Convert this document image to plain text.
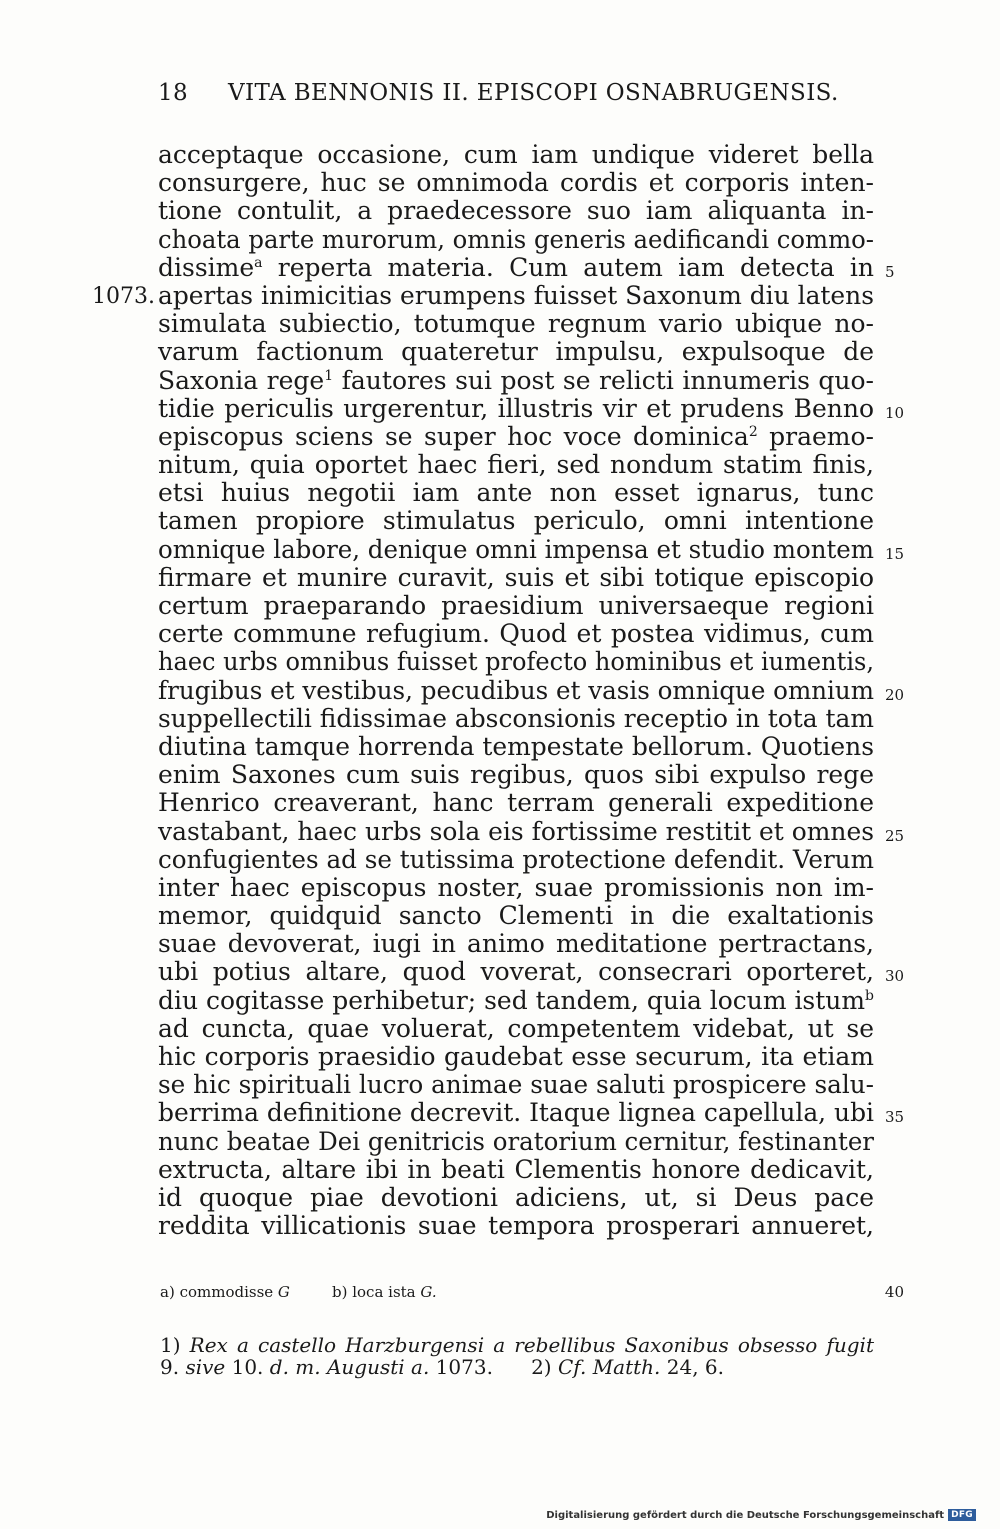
18 VITA BENNONIS II. EPISCOPI OSNABRUGENSIS.
acceptaque occasione, cum iam undique videret bella
consurgere, huc se omnimoda cordis et corporis inten-
tione contulit, a praedecessore suo iam aliquanta in-
choata parte murorum, omnis generis aedificandi commo-
dissime$^a$ reperta materia. Cum autem iam detecta in 5
apertas inimicitias erumpens fuisset Saxonum diu latens
1073.
simulata subiectio, totumque regnum vario ubique no-
varum factionum quateretur impulsu, expulsoque de
Saxonia rege$^1$ fautores sui post se relicti innumeris quo-
tidie periculis urgerentur, illustris vir et prudens Benno 10
episcopus sciens se super hoc voce dominica$^2$ praemo-
nitum, quia oportet haec fieri, sed nondum statim finis,
etsi huius negotii iam ante non esset ignarus, tunc
tamen propiore stimulatus periculo, omni intentione
omnique labore, denique omni impensa et studio montem 15
firmare et munire curavit, suis et sibi totique episcopio
certum praeparando praesidium universaeque regioni
certe commune refugium. Quod et postea vidimus, cum
haec urbs omnibus fuisset profecto hominibus et iumentis,
frugibus et vestibus, pecudibus et vasis omnique omnium 20
suppellectili fidissimae absconsionis receptio in tota tam
diutina tamque horrenda tempestate bellorum. Quotiens
enim Saxones cum suis regibus, quos sibi expulso rege
Henrico creaverant, hanc terram generali expeditione
vastabant, haec urbs sola eis fortissime restitit et omnes 25
confugientes ad se tutissima protectione defendit. Verum
inter haec episcopus noster, suae promissionis non im-
memor, quidquid sancto Clementi in die exaltationis
suae devoverat, iugi in animo meditatione pertractans,
ubi potius altare, quod voverat, consecrari oporteret, 30
diu cogitasse perhibetur; sed tandem, quia locum istumb
ad cuncta, quae voluerat, competentem videbat, ut se
hic corporis praesidio gaudebat esse securum, ita etiam
se hic spirituali lucro animae suae saluti prospicere salu-
berrima definitione decrevit. Itaque lignea capellula, ubi 35
nunc beatae Dei genitricis oratorium cernitur, festinanter
extructa, altare ibi in beati Clementis honore dedicavit,
id quoque piae devotioni adiciens, ut, si Deus pace
reddita villicationis suae tempora prosperari annueret,
a) commodisse G	b) loca ista G.	40
1) Rex a castello Harzburgensi a rebellibus Saxonibus obsesso fugit
9. sive 10. d. m. Augusti a. 1073.      2) Cf. Matth. 24, 6.
Digitalisierung gefördert durch die Deutsche Forschungsgemeinschaft DFG
